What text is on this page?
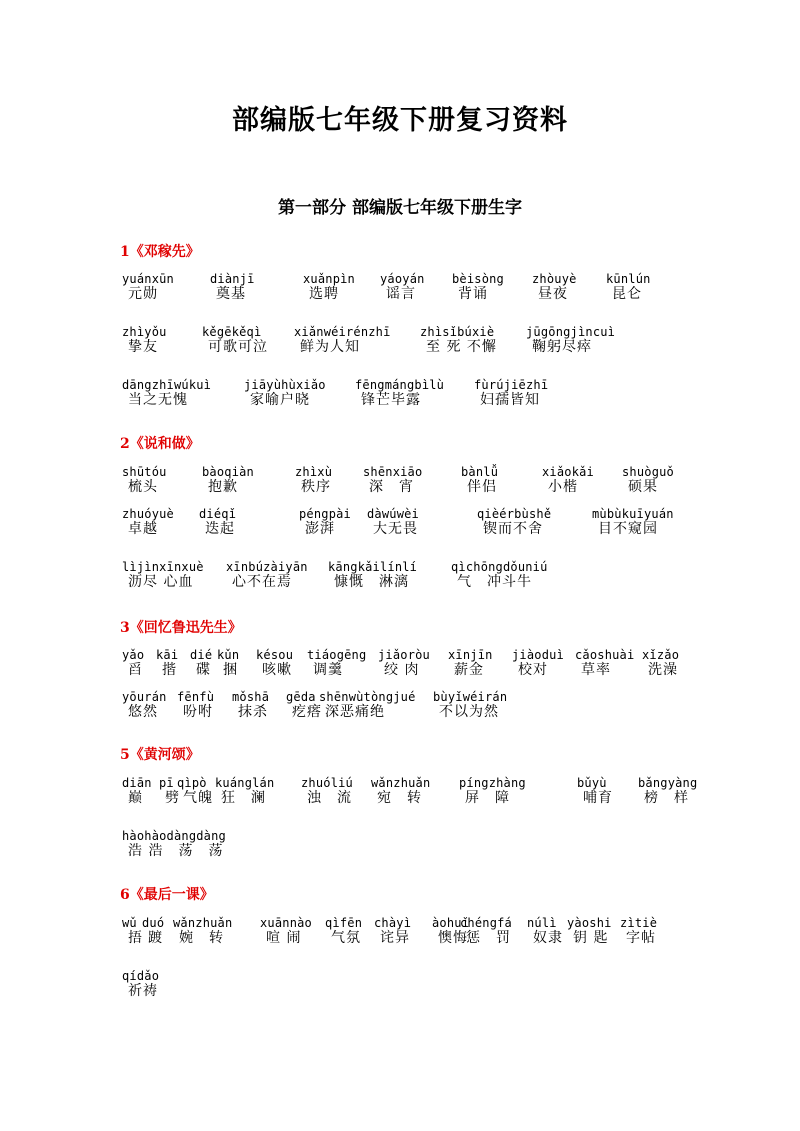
部编版七年级下册复习资料
第一部分 部编版七年级下册生字
1《邓稼先》
yuánxūn
元勋
diànjī
奠基
xuǎnpìn
选聘
yáoyán
谣言
bèisòng
背诵
zhòuyè
昼夜
kūnlún
昆仑
zhìyǒu
挚友
kěgēkěqì
可歌可泣
xiǎnwéirénzhī
鲜为人知
zhìsǐbúxiè
至 死 不懈
jūgōngjìncuì
鞠躬尽瘁
dāngzhīwúkuì
当之无愧
jiāyùhùxiǎo
家喻户晓
fēngmángbìlù
锋芒毕露
fùrújiēzhī
妇孺皆知
2《说和做》
shūtóu
梳头
bàoqiàn
抱歉
zhìxù
秩序
shēnxiāo
深　宵
bànlǚ
伴侣
xiǎokǎi
小楷
shuòguǒ
硕果
zhuóyuè
卓越
diéqǐ
迭起
péngpài
澎湃
dàwúwèi
大无畏
qièérbùshě
锲而不舍
mùbùkuīyuán
目不窥园
lìjìnxīnxuè
沥尽 心血
xīnbúzàiyān
心不在焉
kāngkǎilínlí
慷慨　淋漓
qìchōngdǒuniú
气　冲斗牛
3《回忆鲁迅先生》
yǎo
舀
kāi
揩
dié
碟
kǔn
捆
késou
咳嗽
tiáogēng
调羹
jiǎoròu
绞 肉
xīnjīn
薪金
jiàoduì
校对
cǎoshuài
草率
xǐzǎo
洗澡
yōurán
悠然
fēnfù
吩咐
mǒshā
抹杀
gēda
疙瘩
shēnwùtòngjué
深恶痛绝
bùyǐwéirán
不以为然
5《黄河颂》
diān
巅
pī
劈
qìpò
气魄
kuánglán
狂　澜
zhuóliú
浊　流
wǎnzhuǎn
宛　转
píngzhàng
屏　障
bǔyù
哺育
bǎngyàng
榜　样
hàohàodàngdàng
浩 浩　荡　荡
6《最后一课》
wǔ
捂
duó
踱
wǎnzhuǎn
婉　转
xuānnào
喧 闹
qìfēn
气氛
chàyì
诧异
àohuǐ
懊悔
chéngfá
惩　罚
núlì
奴隶
yàoshi
钥 匙
zìtiè
字帖
qídǎo
祈祷
